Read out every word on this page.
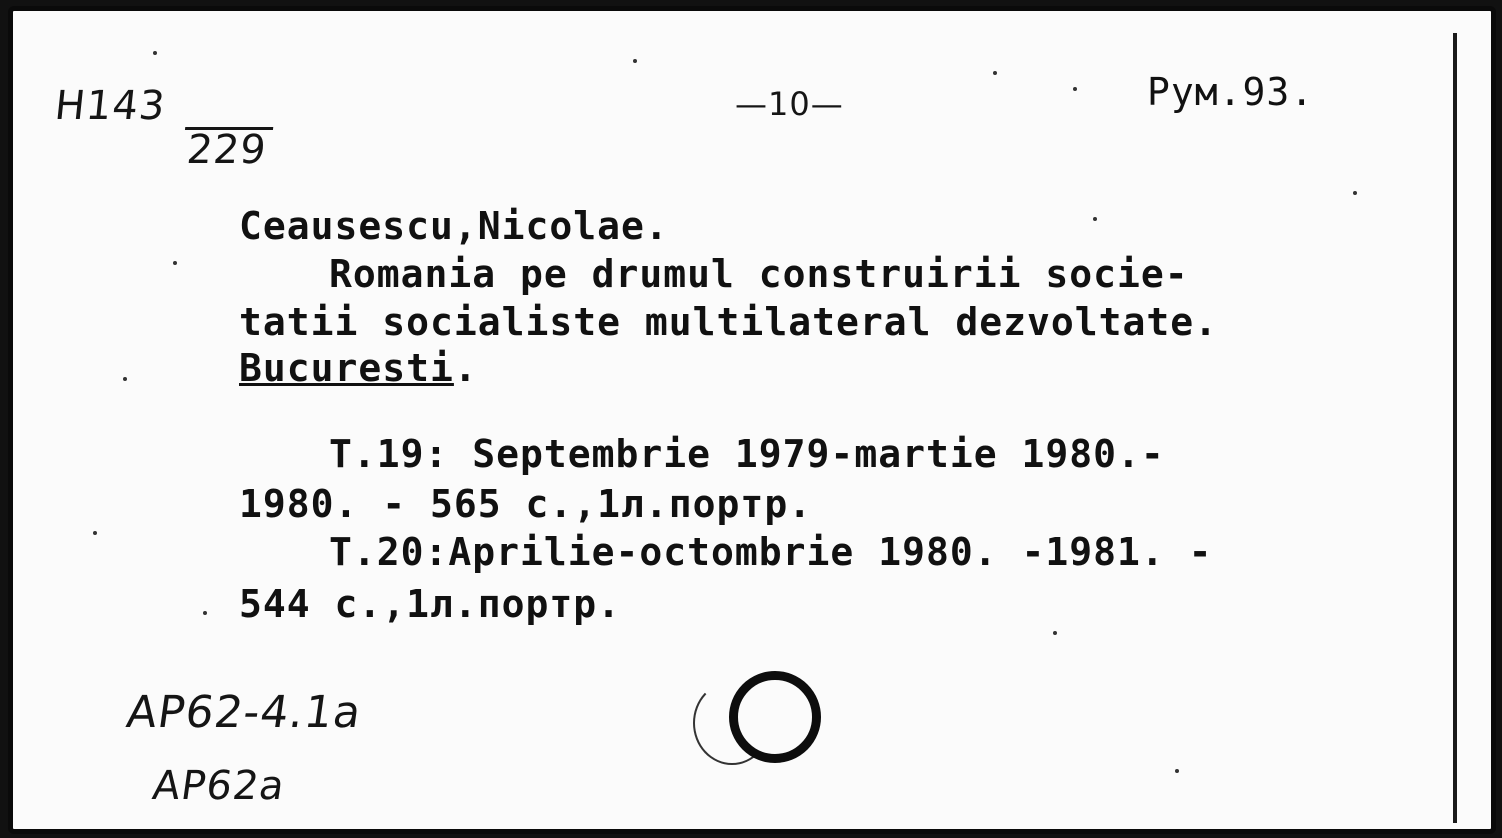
Н143
229
—10—	Рум.93.
Ceausescu,Nicolae.
Romania pe drumul construirii socie-
tatii socialiste multilateral dezvoltate.
Bucuresti.
T.19: Septembrie 1979-martie 1980.-
1980. - 565 c.,1л.портр.
T.20:Aprilie-octombrie 1980. -1981. -
544 c.,1л.портр.
АР62-4.1а
АР62а
